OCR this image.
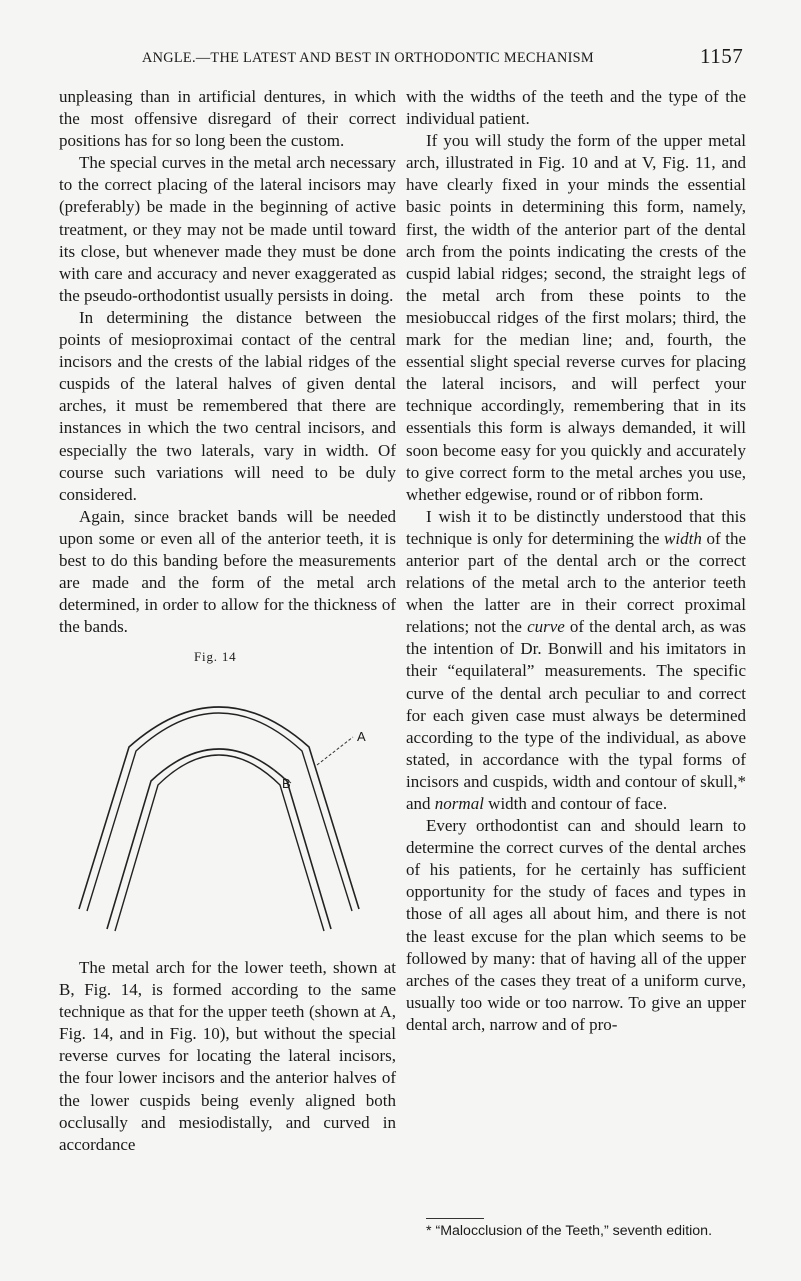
ANGLE.—THE LATEST AND BEST IN ORTHODONTIC MECHANISM	1157

unpleasing than in artificial dentures, in which the most offensive disregard of their correct positions has for so long been the custom.

The special curves in the metal arch necessary to the correct placing of the lateral incisors may (preferably) be made in the beginning of active treatment, or they may not be made until toward its close, but whenever made they must be done with care and accuracy and never exaggerated as the pseudo-orthodontist usually persists in doing.

In determining the distance between the points of mesioproximai contact of the central incisors and the crests of the labial ridges of the cuspids of the lateral halves of given dental arches, it must be remembered that there are instances in which the two central incisors, and especially the two laterals, vary in width. Of course such variations will need to be duly considered.

Again, since bracket bands will be needed upon some or even all of the anterior teeth, it is best to do this banding before the measurements are made and the form of the metal arch determined, in order to allow for the thickness of the bands.

Fig. 14
A
B

The metal arch for the lower teeth, shown at B, Fig. 14, is formed according to the same technique as that for the upper teeth (shown at A, Fig. 14, and in Fig. 10), but without the special reverse curves for locating the lateral incisors, the four lower incisors and the anterior halves of the lower cuspids being evenly aligned both occlusally and mesiodistally, and curved in accordance

with the widths of the teeth and the type of the individual patient.

If you will study the form of the upper metal arch, illustrated in Fig. 10 and at V, Fig. 11, and have clearly fixed in your minds the essential basic points in determining this form, namely, first, the width of the anterior part of the dental arch from the points indicating the crests of the cuspid labial ridges; second, the straight legs of the metal arch from these points to the mesiobuccal ridges of the first molars; third, the mark for the median line; and, fourth, the essential slight special reverse curves for placing the lateral incisors, and will perfect your technique accordingly, remembering that in its essentials this form is always demanded, it will soon become easy for you quickly and accurately to give correct form to the metal arches you use, whether edgewise, round or of ribbon form.

I wish it to be distinctly understood that this technique is only for determining the width of the anterior part of the dental arch or the correct relations of the metal arch to the anterior teeth when the latter are in their correct proximal relations; not the curve of the dental arch, as was the intention of Dr. Bonwill and his imitators in their “equilateral” measurements. The specific curve of the dental arch peculiar to and correct for each given case must always be determined according to the type of the individual, as above stated, in accordance with the typal forms of incisors and cuspids, width and contour of skull,* and normal width and contour of face.

Every orthodontist can and should learn to determine the correct curves of the dental arches of his patients, for he certainly has sufficient opportunity for the study of faces and types in those of all ages all about him, and there is not the least excuse for the plan which seems to be followed by many: that of having all of the upper arches of the cases they treat of a uniform curve, usually too wide or too narrow. To give an upper dental arch, narrow and of pro-

* “Malocclusion of the Teeth,” seventh edition.
